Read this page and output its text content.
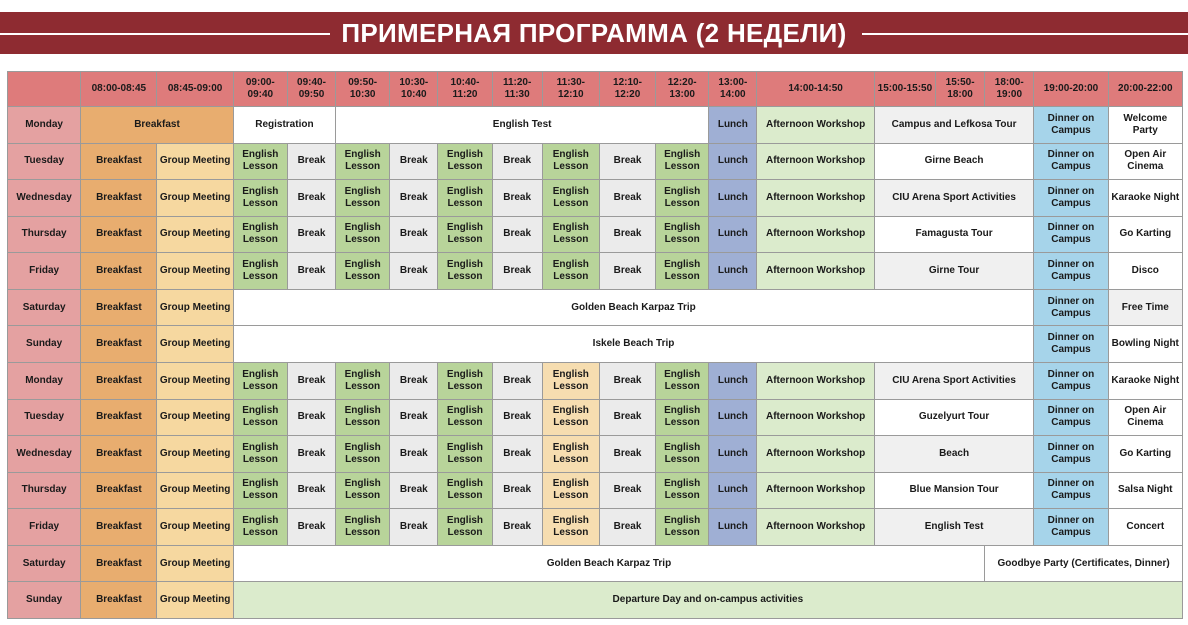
ПРИМЕРНАЯ ПРОГРАММА (2 НЕДЕЛИ)
	08:00-08:45	08:45-09:00	09:00-09:40	09:40-09:50	09:50-10:30	10:30-10:40	10:40-11:20	11:20-11:30	11:30-12:10	12:10-12:20	12:20-13:00	13:00-14:00	14:00-14:50	15:00-15:50	15:50-18:00	18:00-19:00	19:00-20:00	20:00-22:00
Monday	Breakfast		Registration		English Test							Lunch	Afternoon Workshop	Campus and Lefkosa Tour			Dinner on Campus	Welcome Party
Tuesday	Breakfast	Group Meeting	English Lesson	Break	English Lesson	Break	English Lesson	Break	English Lesson	Break	English Lesson	Lunch	Afternoon Workshop	Girne Beach			Dinner on Campus	Open Air Cinema
Wednesday	Breakfast	Group Meeting	English Lesson	Break	English Lesson	Break	English Lesson	Break	English Lesson	Break	English Lesson	Lunch	Afternoon Workshop	CIU Arena Sport Activities			Dinner on Campus	Karaoke Night
Thursday	Breakfast	Group Meeting	English Lesson	Break	English Lesson	Break	English Lesson	Break	English Lesson	Break	English Lesson	Lunch	Afternoon Workshop	Famagusta Tour			Dinner on Campus	Go Karting
Friday	Breakfast	Group Meeting	English Lesson	Break	English Lesson	Break	English Lesson	Break	English Lesson	Break	English Lesson	Lunch	Afternoon Workshop	Girne Tour			Dinner on Campus	Disco
Saturday	Breakfast	Group Meeting	Golden Beach Karpaz Trip														Dinner on Campus	Free Time
Sunday	Breakfast	Group Meeting	Iskele Beach Trip														Dinner on Campus	Bowling Night
Monday	Breakfast	Group Meeting	English Lesson	Break	English Lesson	Break	English Lesson	Break	English Lesson	Break	English Lesson	Lunch	Afternoon Workshop	CIU Arena Sport Activities			Dinner on Campus	Karaoke Night
Tuesday	Breakfast	Group Meeting	English Lesson	Break	English Lesson	Break	English Lesson	Break	English Lesson	Break	English Lesson	Lunch	Afternoon Workshop	Guzelyurt Tour			Dinner on Campus	Open Air Cinema
Wednesday	Breakfast	Group Meeting	English Lesson	Break	English Lesson	Break	English Lesson	Break	English Lesson	Break	English Lesson	Lunch	Afternoon Workshop	Beach			Dinner on Campus	Go Karting
Thursday	Breakfast	Group Meeting	English Lesson	Break	English Lesson	Break	English Lesson	Break	English Lesson	Break	English Lesson	Lunch	Afternoon Workshop	Blue Mansion Tour			Dinner on Campus	Salsa Night
Friday	Breakfast	Group Meeting	English Lesson	Break	English Lesson	Break	English Lesson	Break	English Lesson	Break	English Lesson	Lunch	Afternoon Workshop	English Test			Dinner on Campus	Concert
Saturday	Breakfast	Group Meeting	Golden Beach Karpaz Trip													Goodbye Party (Certificates, Dinner)		
Sunday	Breakfast	Group Meeting	Departure Day and on-campus activities															
